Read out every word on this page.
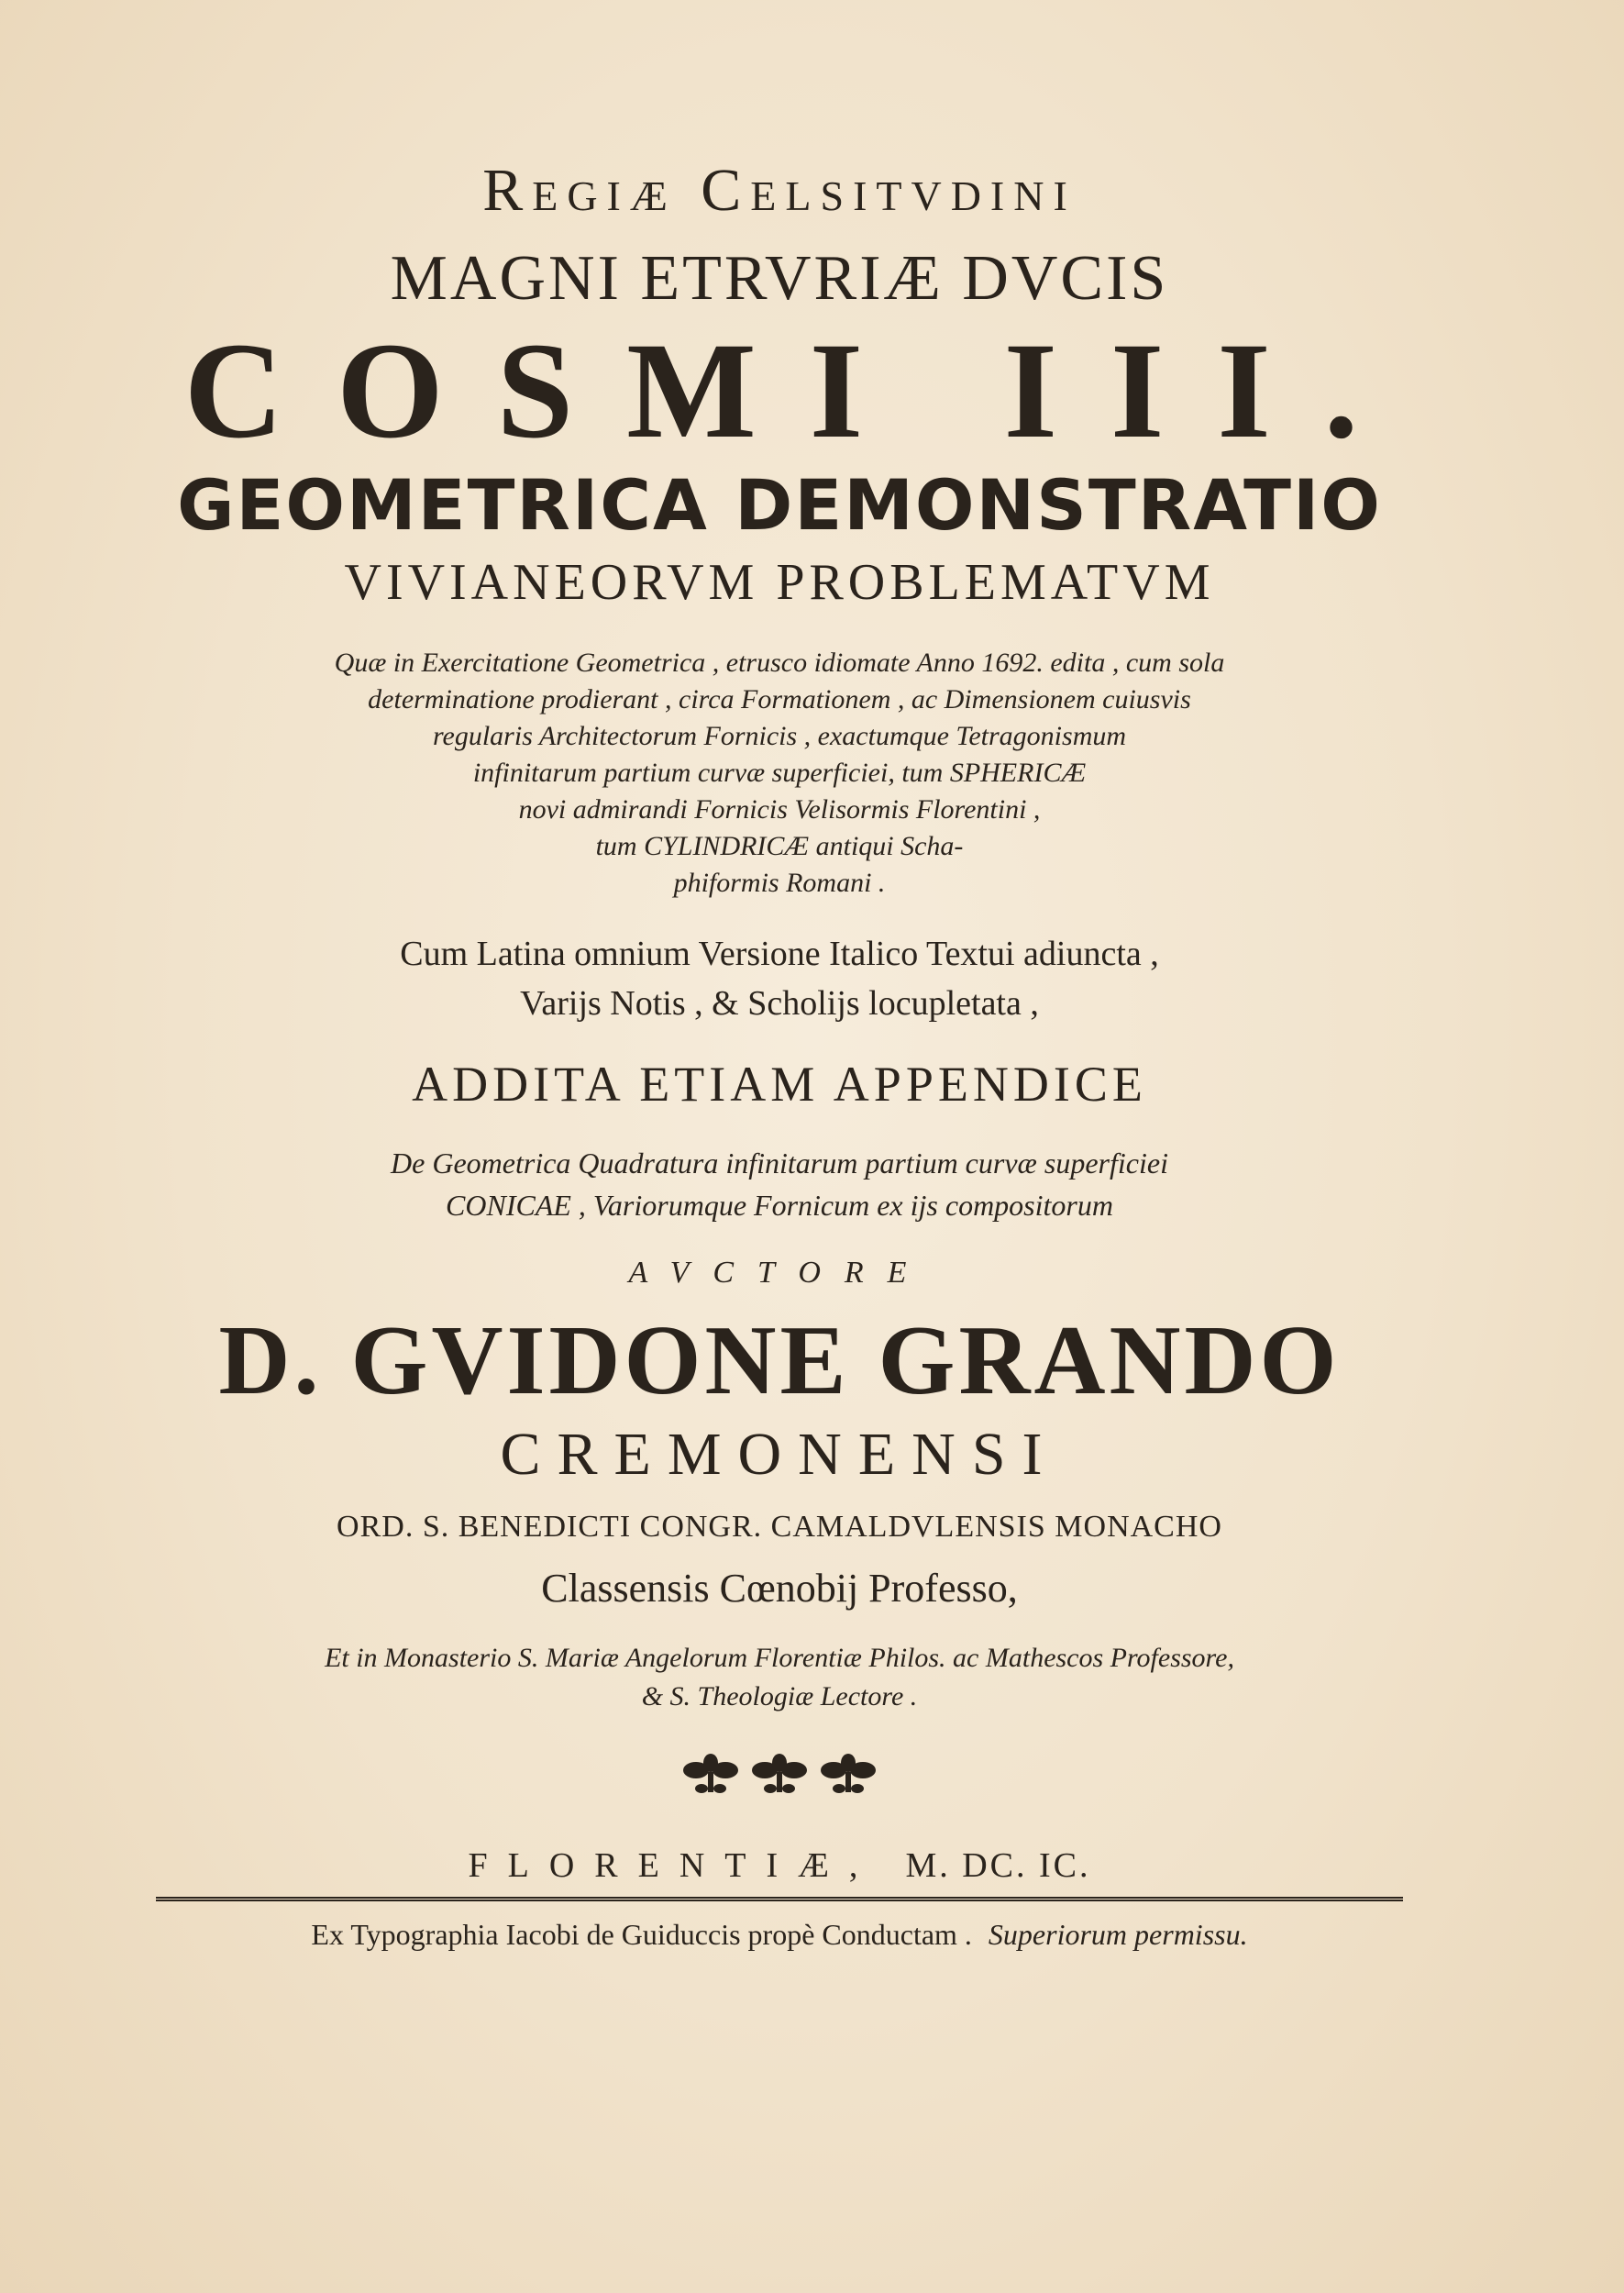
Regiæ Celsitvdini
MAGNI ETRVRIÆ DVCIS
COSMI III.
GEOMETRICA DEMONSTRATIO
VIVIANEORVM PROBLEMATVM
Quæ in Exercitatione Geometrica , etrusco idiomate Anno 1692. edita , cum sola
determinatione prodierant , circa Formationem , ac Dimensionem cuiusvis
regularis Architectorum Fornicis , exactumque Tetragonismum
infinitarum partium curvæ superficiei, tum SPHERICÆ
novi admirandi Fornicis Velisormis Florentini ,
tum CYLINDRICÆ antiqui Scha-
phiformis Romani .
Cum Latina omnium Versione Italico Textui adiuncta ,
Varijs Notis , & Scholijs locupletata ,
ADDITA ETIAM APPENDICE
De Geometrica Quadratura infinitarum partium curvæ superficiei
CONICAE , Variorumque Fornicum ex ijs compositorum
AVCTORE
D. GVIDONE GRANDO
CREMONENSI
ORD. S. BENEDICTI CONGR. CAMALDVLENSIS MONACHO
Classensis Cœnobij Professo,
Et in Monasterio S. Mariæ Angelorum Florentiæ Philos. ac Mathescos Professore,
& S. Theologiæ Lectore .
FLORENTIÆ, M. DC. IC.
Ex Typographia Iacobi de Guiduccis propè Conductam . Superiorum permissu.
